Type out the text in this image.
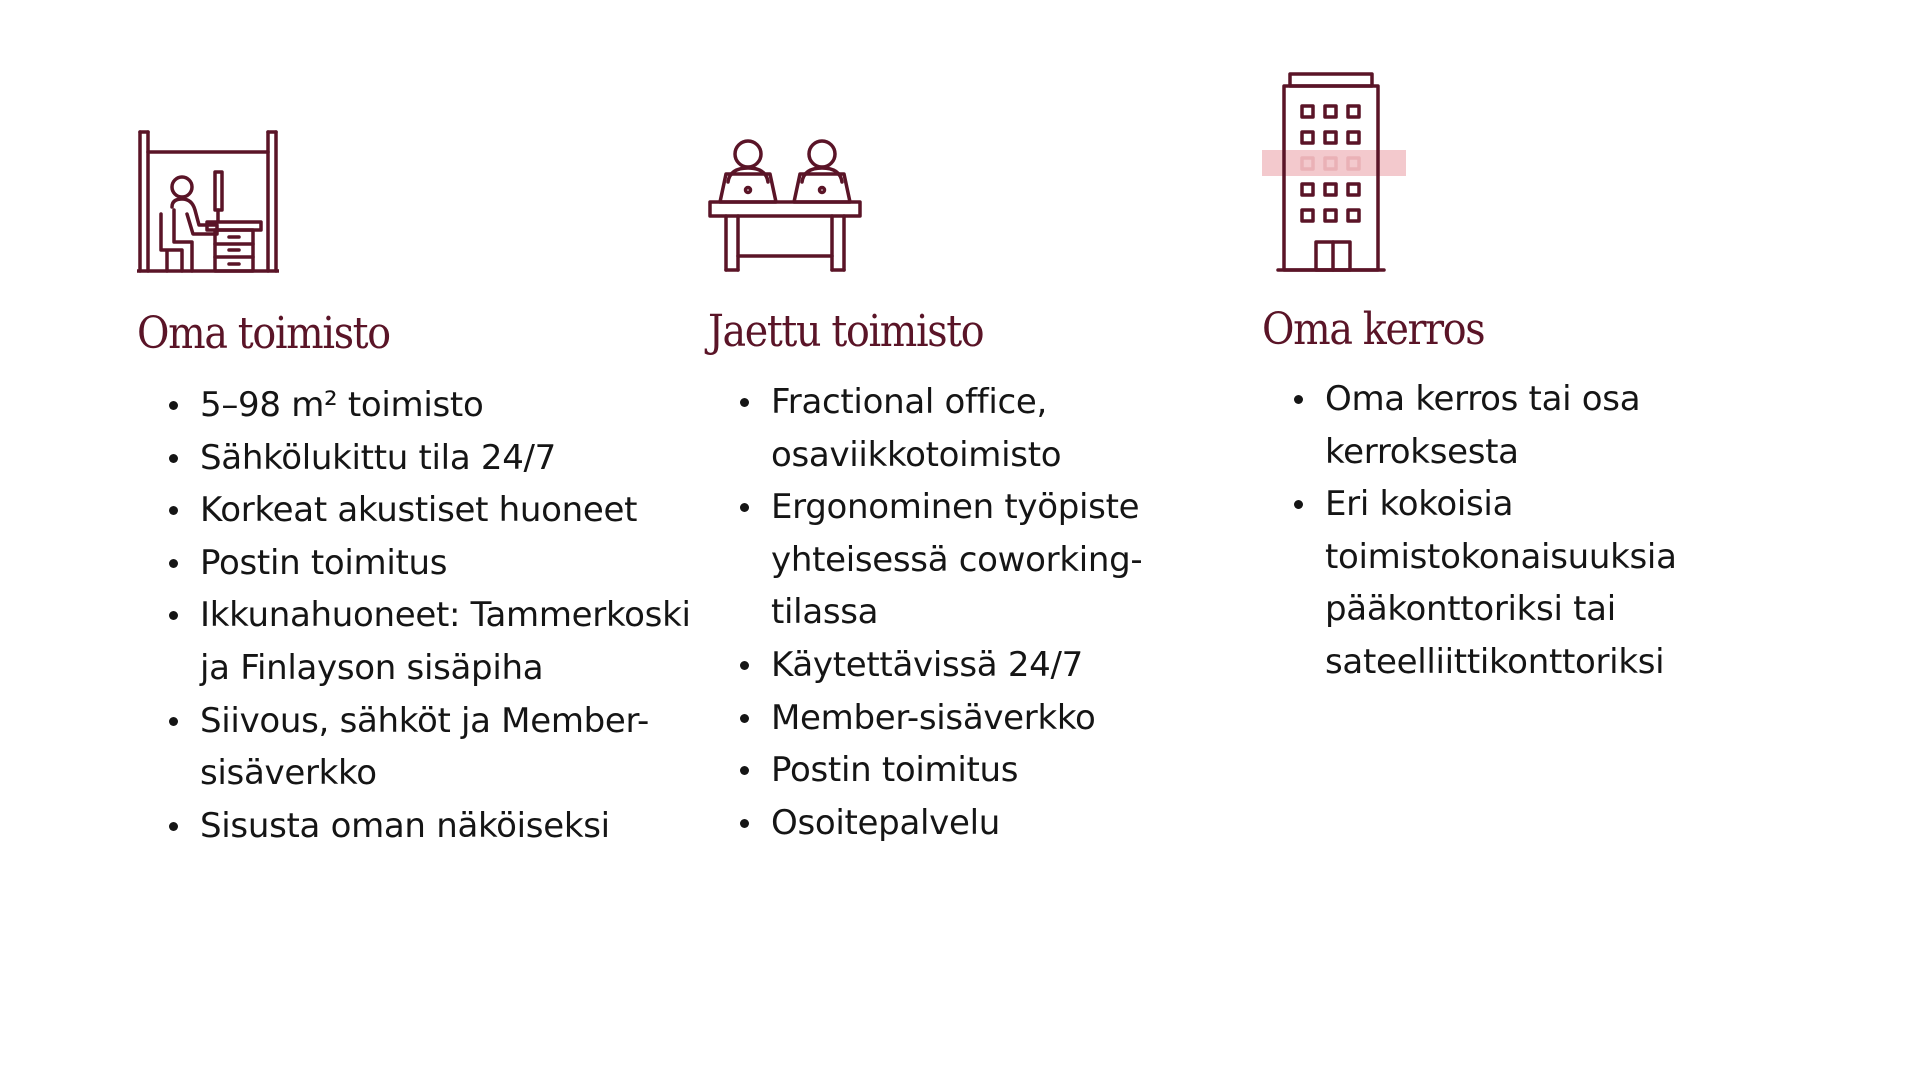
Oma toimisto
5–98 m² toimisto
Sähkölukittu tila 24/7
Korkeat akustiset huoneet
Postin toimitus
Ikkunahuoneet: Tammerkoski ja Finlayson sisäpiha
Siivous, sähköt ja Member-sisäverkko
Sisusta oman näköiseksi
Jaettu toimisto
Fractional office, osaviikkotoimisto
Ergonominen työpiste yhteisessä coworking-tilassa
Käytettävissä 24/7
Member-sisäverkko
Postin toimitus
Osoitepalvelu
Oma kerros
Oma kerros tai osa kerroksesta
Eri kokoisia toimistokonaisuuksia pääkonttoriksi tai sateelliittikonttoriksi
